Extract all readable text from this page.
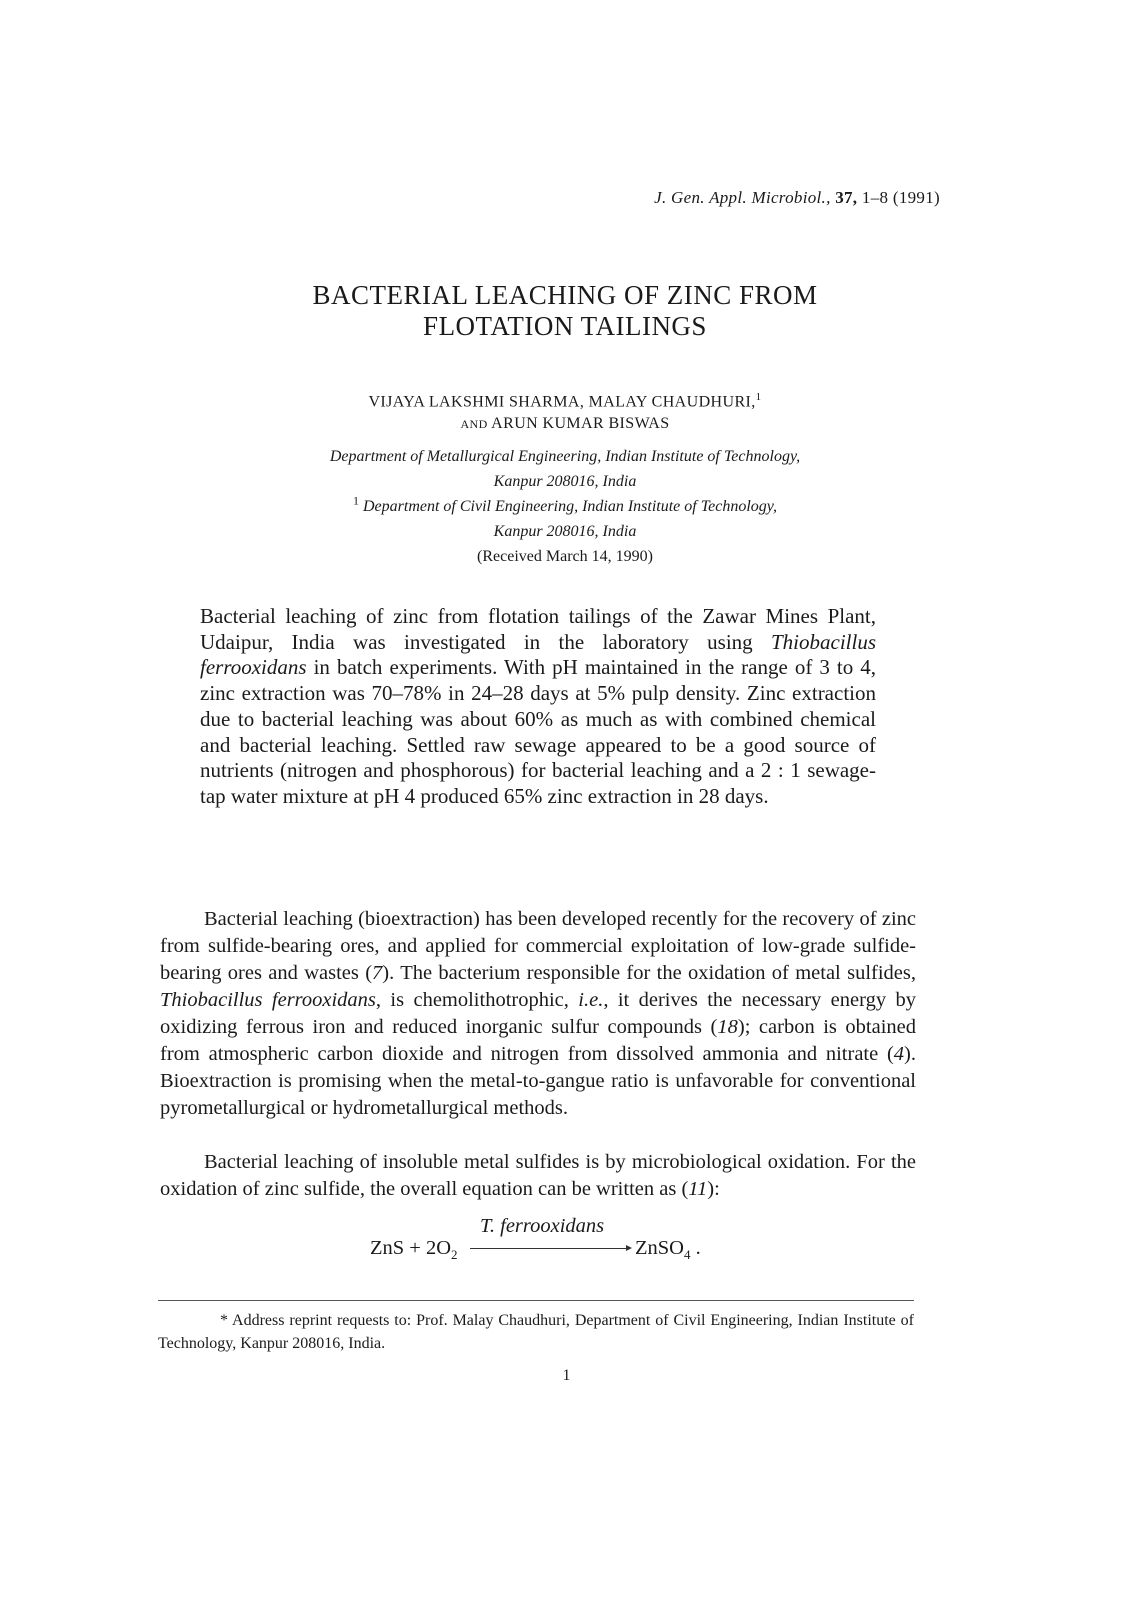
J. Gen. Appl. Microbiol., 37, 1–8 (1991)
BACTERIAL LEACHING OF ZINC FROM
FLOTATION TAILINGS
VIJAYA LAKSHMI SHARMA, MALAY CHAUDHURI,$^1$
AND ARUN KUMAR BISWAS
Department of Metallurgical Engineering, Indian Institute of Technology,
Kanpur 208016, India
$^1$ Department of Civil Engineering, Indian Institute of Technology,
Kanpur 208016, India
(Received March 14, 1990)
Bacterial leaching of zinc from flotation tailings of the Zawar Mines Plant, Udaipur, India was investigated in the laboratory using Thiobacillus ferrooxidans in batch experiments. With pH maintained in the range of 3 to 4, zinc extraction was 70–78% in 24–28 days at 5% pulp density. Zinc extraction due to bacterial leaching was about 60% as much as with combined chemical and bacterial leaching. Settled raw sewage appeared to be a good source of nutrients (nitrogen and phosphorous) for bacterial leaching and a 2 : 1 sewage-tap water mixture at pH 4 produced 65% zinc extraction in 28 days.
Bacterial leaching (bioextraction) has been developed recently for the recovery of zinc from sulfide-bearing ores, and applied for commercial exploitation of low-grade sulfide-bearing ores and wastes (7). The bacterium responsible for the oxidation of metal sulfides, Thiobacillus ferrooxidans, is chemolithotrophic, i.e., it derives the necessary energy by oxidizing ferrous iron and reduced inorganic sulfur compounds (18); carbon is obtained from atmospheric carbon dioxide and nitrogen from dissolved ammonia and nitrate (4). Bioextraction is promising when the metal-to-gangue ratio is unfavorable for conventional pyrometallurgical or hydrometallurgical methods.
Bacterial leaching of insoluble metal sulfides is by microbiological oxidation. For the oxidation of zinc sulfide, the overall equation can be written as (11):
ZnS + $2O_2$
T. ferrooxidans
ZnSO$_4$ .
* Address reprint requests to: Prof. Malay Chaudhuri, Department of Civil Engineering, Indian Institute of Technology, Kanpur 208016, India.
1
